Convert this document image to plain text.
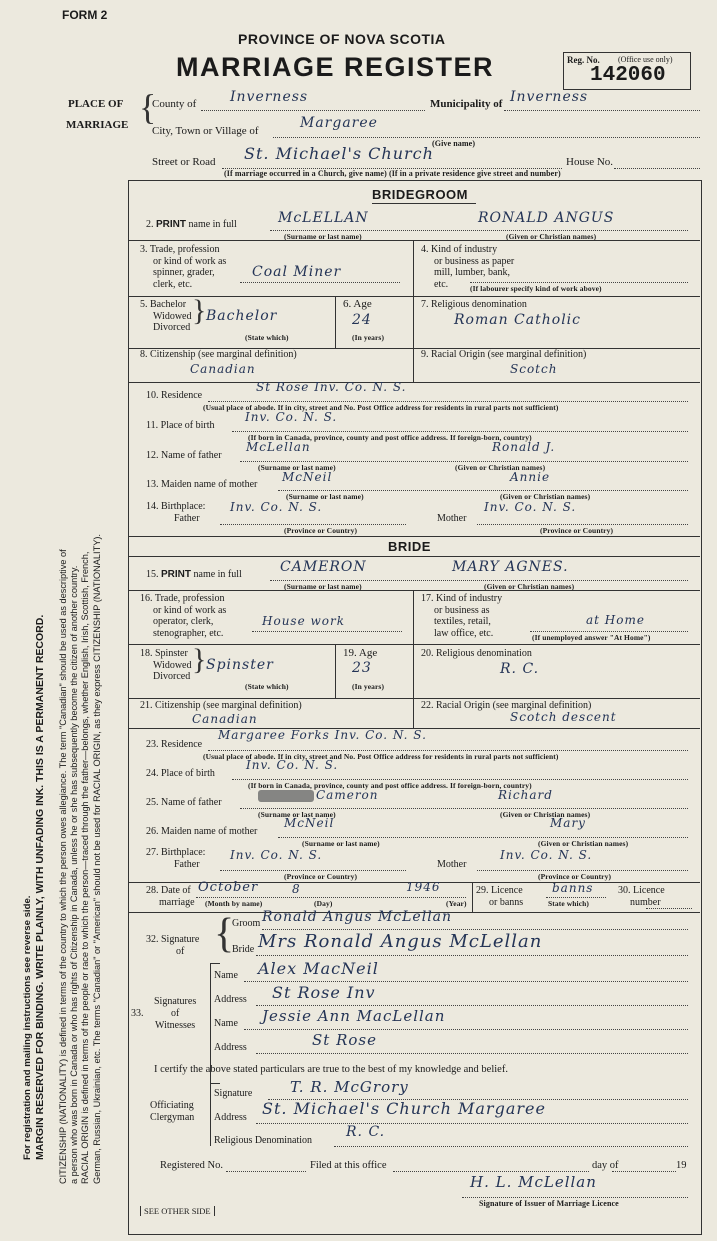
FORM 2
PROVINCE OF NOVA SCOTIA
MARRIAGE REGISTER	Reg. No. (Office use only)
142060
PLACE OF
MARRIAGE {
County of Inverness	Municipality of Inverness
City, Town or Village of	Margaree
(Give name)
Street or Road St. Michael's Church	House No.
(If marriage occurred in a Church, give name) (If in a private residence give street and number)
BRIDEGROOM
2. PRINT name in full	McLELLAN	RONALD ANGUS
(Surname or last name)	(Given or Christian names)
3. Trade, profession
or kind of work as
spinner, grader,
clerk, etc.
Coal Miner
4. Kind of industry
or business as paper
mill, lumber, bank,
etc.	(If labourer specify kind of work above)
5. Bachelor
Widowed
Divorced
} Bachelor
(State which)
6. Age
24
(In years)
7. Religious denomination
Roman Catholic
8. Citizenship (see marginal definition)
Canadian
9. Racial Origin (see marginal definition)
Scotch
10. Residence
St Rose Inv. Co. N. S.
(Usual place of abode. If in city, street and No. Post Office address for residents in rural parts not sufficient)
11. Place of birth
Inv. Co. N. S.
(If born in Canada, province, county and post office address. If foreign-born, country)
12. Name of father
McLellan	Ronald J.
(Surname or last name)	(Given or Christian names)
13. Maiden name of mother
McNeil	Annie
(Surname or last name)	(Given or Christian names)
14. Birthplace:
Father
Inv. Co. N. S.
Mother
Inv. Co. N. S.
(Province or Country)	(Province or Country)
BRIDE
15. PRINT name in full	CAMERON	MARY AGNES.
(Surname or last name)	(Given or Christian names)
16. Trade, profession
or kind of work as
operator, clerk,
stenographer, etc.
House work
17. Kind of industry
or business as
textiles, retail,
law office, etc.
at Home
(If unemployed answer "At Home")
18. Spinster
Widowed
Divorced
} Spinster
(State which)
19. Age
23
(In years)
20. Religious denomination
R. C.
21. Citizenship (see marginal definition)
Canadian
22. Racial Origin (see marginal definition)
Scotch descent
23. Residence
Margaree Forks Inv. Co. N. S.
(Usual place of abode. If in city, street and No. Post Office address for residents in rural parts not sufficient)
24. Place of birth
Inv. Co. N. S.
(If born in Canada, province, county and post office address. If foreign-born, country)
25. Name of father
Cameron	Richard
(Surname or last name)	(Given or Christian names)
26. Maiden name of mother
McNeil	Mary
(Surname or last name)	(Given or Christian names)
27. Birthplace:
Father
Inv. Co. N. S.
Mother
Inv. Co. N. S.
(Province or Country)	(Province or Country)
28. Date of
marriage
October	8	1946
(Month by name)	(Day)	(Year)
29. Licence
or banns
banns
State which)
30. Licence
number
32. Signature
of {
Groom Ronald Angus McLellan
Bride Mrs Ronald Angus McLellan
Signatures
of
Witnesses
33.
Name Alex MacNeil
Address St Rose Inv
Name Jessie Ann MacLellan
Address	St Rose
I certify the above stated particulars are true to the best of my knowledge and belief.
Officiating
Clergyman
Signature	T. R. McGrory
Address St. Michael's Church Margaree
Religious Denomination
R. C.
Registered No.	Filed at this office	day of	19
H. L. McLellan
Signature of Issuer of Marriage Licence
SEE OTHER SIDE
For registration and mailing instructions see reverse side. MARGIN RESERVED FOR BINDING. WRITE PLAINLY, WITH UNFADING INK. THIS IS A PERMANENT RECORD. CITIZENSHIP (NATIONALITY) is defined in terms of the country to which the person owes allegiance. The term "Canadian" should be used as descriptive of a person who was born in Canada or who has rights of Citizenship in Canada, unless he or she has subsequently become the citizen of another country. RACIAL ORIGIN is defined in terms of the people or race to which the person—traced through the father—belongs, whether English, Irish, Scottish, French, German, Russian, Ukrainian, etc. The terms "Canadian" or "American" should not be used for RACIAL ORIGIN, as they express CITIZENSHIP (NATIONALITY).
